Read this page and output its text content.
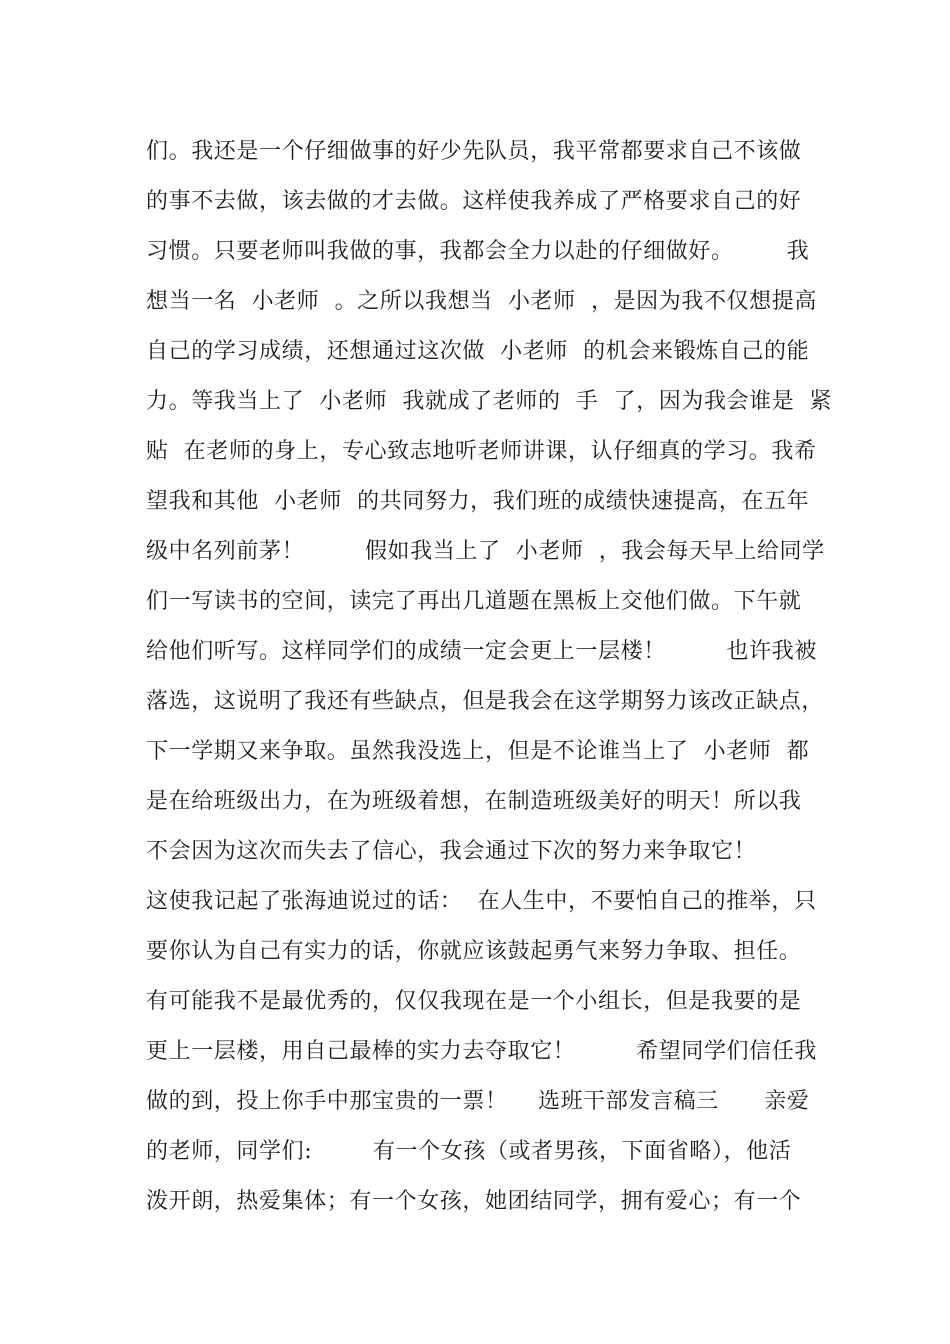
们。我还是一个仔细做事的好少先队员，我平常都要求自己不该做
的事不去做，该去做的才去做。这样使我养成了严格要求自己的好
习惯。只要老师叫我做的事，我都会全力以赴的仔细做好。       我
想当一名  小老师  。之所以我想当  小老师  ，是因为我不仅想提高
自己的学习成绩，还想通过这次做  小老师  的机会来锻炼自己的能
力。等我当上了  小老师  我就成了老师的  手  了，因为我会谁是  紧
贴  在老师的身上，专心致志地听老师讲课，认仔细真的学习。我希
望我和其他  小老师  的共同努力，我们班的成绩快速提高，在五年
级中名列前茅！        假如我当上了  小老师  ，我会每天早上给同学
们一写读书的空间，读完了再出几道题在黑板上交他们做。下午就
给他们听写。这样同学们的成绩一定会更上一层楼！        也许我被
落选，这说明了我还有些缺点，但是我会在这学期努力该改正缺点，
下一学期又来争取。虽然我没选上，但是不论谁当上了  小老师  都
是在给班级出力，在为班级着想，在制造班级美好的明天！所以我
不会因为这次而失去了信心，我会通过下次的努力来争取它！
这使我记起了张海迪说过的话：  在人生中，不要怕自己的推举，只
要你认为自己有实力的话，你就应该鼓起勇气来努力争取、担任。
有可能我不是最优秀的，仅仅我现在是一个小组长，但是我要的是
更上一层楼，用自己最棒的实力去夺取它！        希望同学们信任我
做的到，投上你手中那宝贵的一票！    选班干部发言稿三      亲爱
的老师，同学们:        有一个女孩（或者男孩，下面省略），他活
泼开朗，热爱集体；有一个女孩，她团结同学，拥有爱心；有一个
